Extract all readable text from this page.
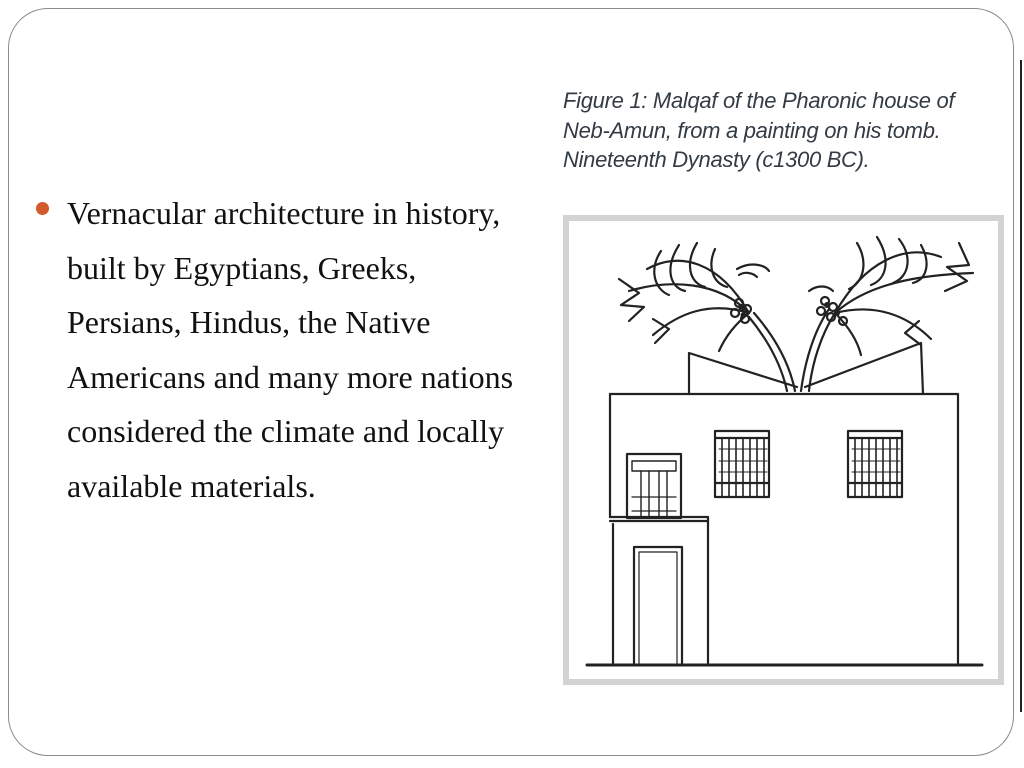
Vernacular architecture in history, built by Egyptians, Greeks, Persians, Hindus, the Native Americans and many more nations considered the climate and locally available materials.

Figure 1: Malqaf of the Pharonic house of Neb-Amun, from a painting on his tomb. Nineteenth Dynasty (c1300 BC).
